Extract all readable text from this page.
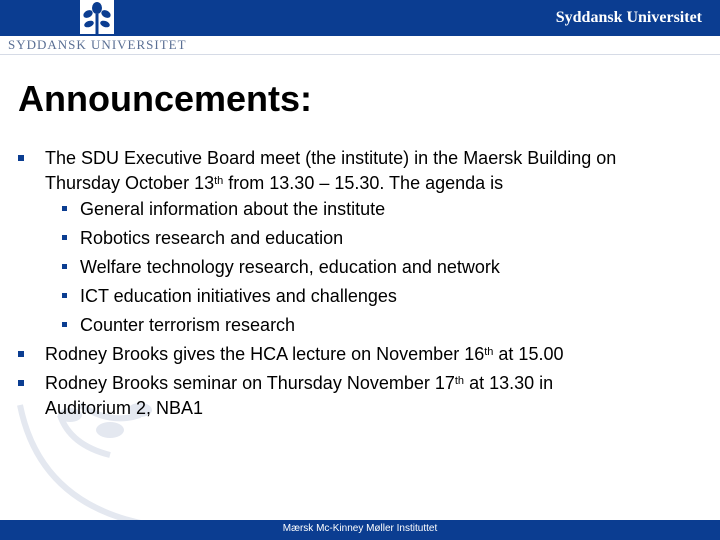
Syddansk Universitet
SYDDANSK UNIVERSITET
Announcements:
The SDU Executive Board meet (the institute) in the Maersk Building on
Thursday October 13th from 13.30 – 15.30. The agenda is
General information about the institute
Robotics research and education
Welfare technology research, education and network
ICT education initiatives and challenges
Counter terrorism research
Rodney Brooks gives the HCA lecture on November 16th at 15.00
Rodney Brooks seminar on Thursday November 17th at 13.30 in
Auditorium 2, NBA1
Mærsk Mc-Kinney Møller Instituttet
